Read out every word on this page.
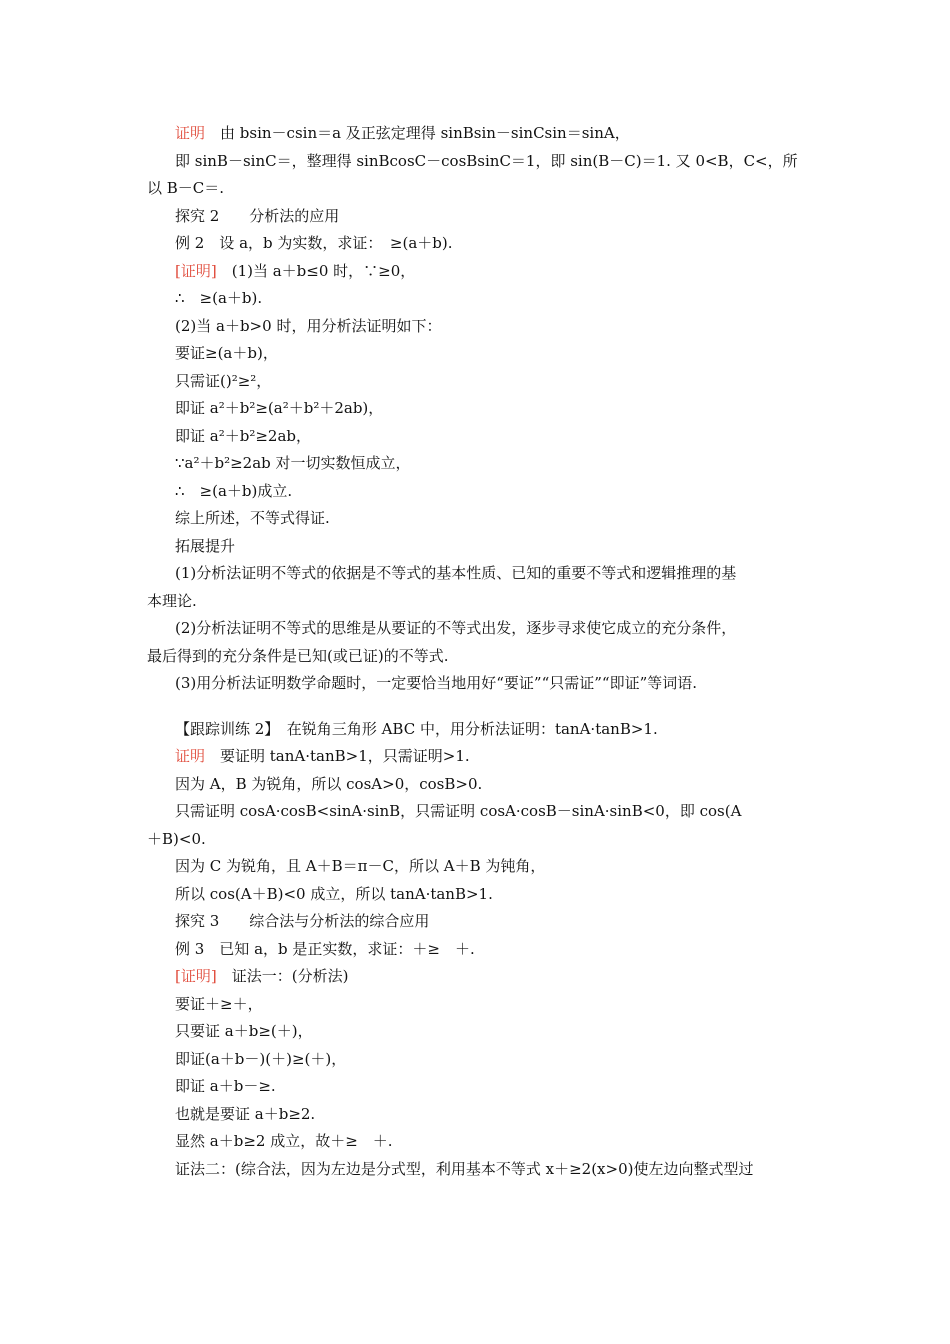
证明　由 bsin－csin＝a 及正弦定理得 sinBsin－sinCsin＝sinA，
即 sinB－sinC＝，整理得 sinBcosC－cosBsinC＝1，即 sin(B－C)＝1. 又 0<B，C<，所
以 B－C＝.
探究 2　　分析法的应用
例 2　设 a，b 为实数，求证：　≥(a＋b).
[证明]　(1)当 a＋b≤0 时，∵≥0，
∴　≥(a＋b).
(2)当 a＋b>0 时，用分析法证明如下：
要证≥(a＋b)，
只需证()²≥²，
即证 a²＋b²≥(a²＋b²＋2ab)，
即证 a²＋b²≥2ab，
∵a²＋b²≥2ab 对一切实数恒成立，
∴　≥(a＋b)成立.
综上所述，不等式得证.
拓展提升
(1)分析法证明不等式的依据是不等式的基本性质、已知的重要不等式和逻辑推理的基
本理论.
(2)分析法证明不等式的思维是从要证的不等式出发，逐步寻求使它成立的充分条件，
最后得到的充分条件是已知(或已证)的不等式.
(3)用分析法证明数学命题时，一定要恰当地用好“要证”“只需证”“即证”等词语.
【跟踪训练 2】　在锐角三角形 ABC 中，用分析法证明：tanA·tanB>1.
证明　要证明 tanA·tanB>1，只需证明>1.
因为 A，B 为锐角，所以 cosA>0，cosB>0.
只需证明 cosA·cosB<sinA·sinB，只需证明 cosA·cosB－sinA·sinB<0，即 cos(A
＋B)<0.
因为 C 为锐角，且 A＋B＝π－C，所以 A＋B 为钝角，
所以 cos(A＋B)<0 成立，所以 tanA·tanB>1.
探究 3　　综合法与分析法的综合应用
例 3　已知 a，b 是正实数，求证：＋≥　＋.
[证明]　证法一：(分析法)
要证＋≥＋，
只要证 a＋b≥(＋)，
即证(a＋b－)(＋)≥(＋)，
即证 a＋b－≥.
也就是要证 a＋b≥2.
显然 a＋b≥2 成立，故＋≥　＋.
证法二：(综合法，因为左边是分式型，利用基本不等式 x＋≥2(x>0)使左边向整式型过
